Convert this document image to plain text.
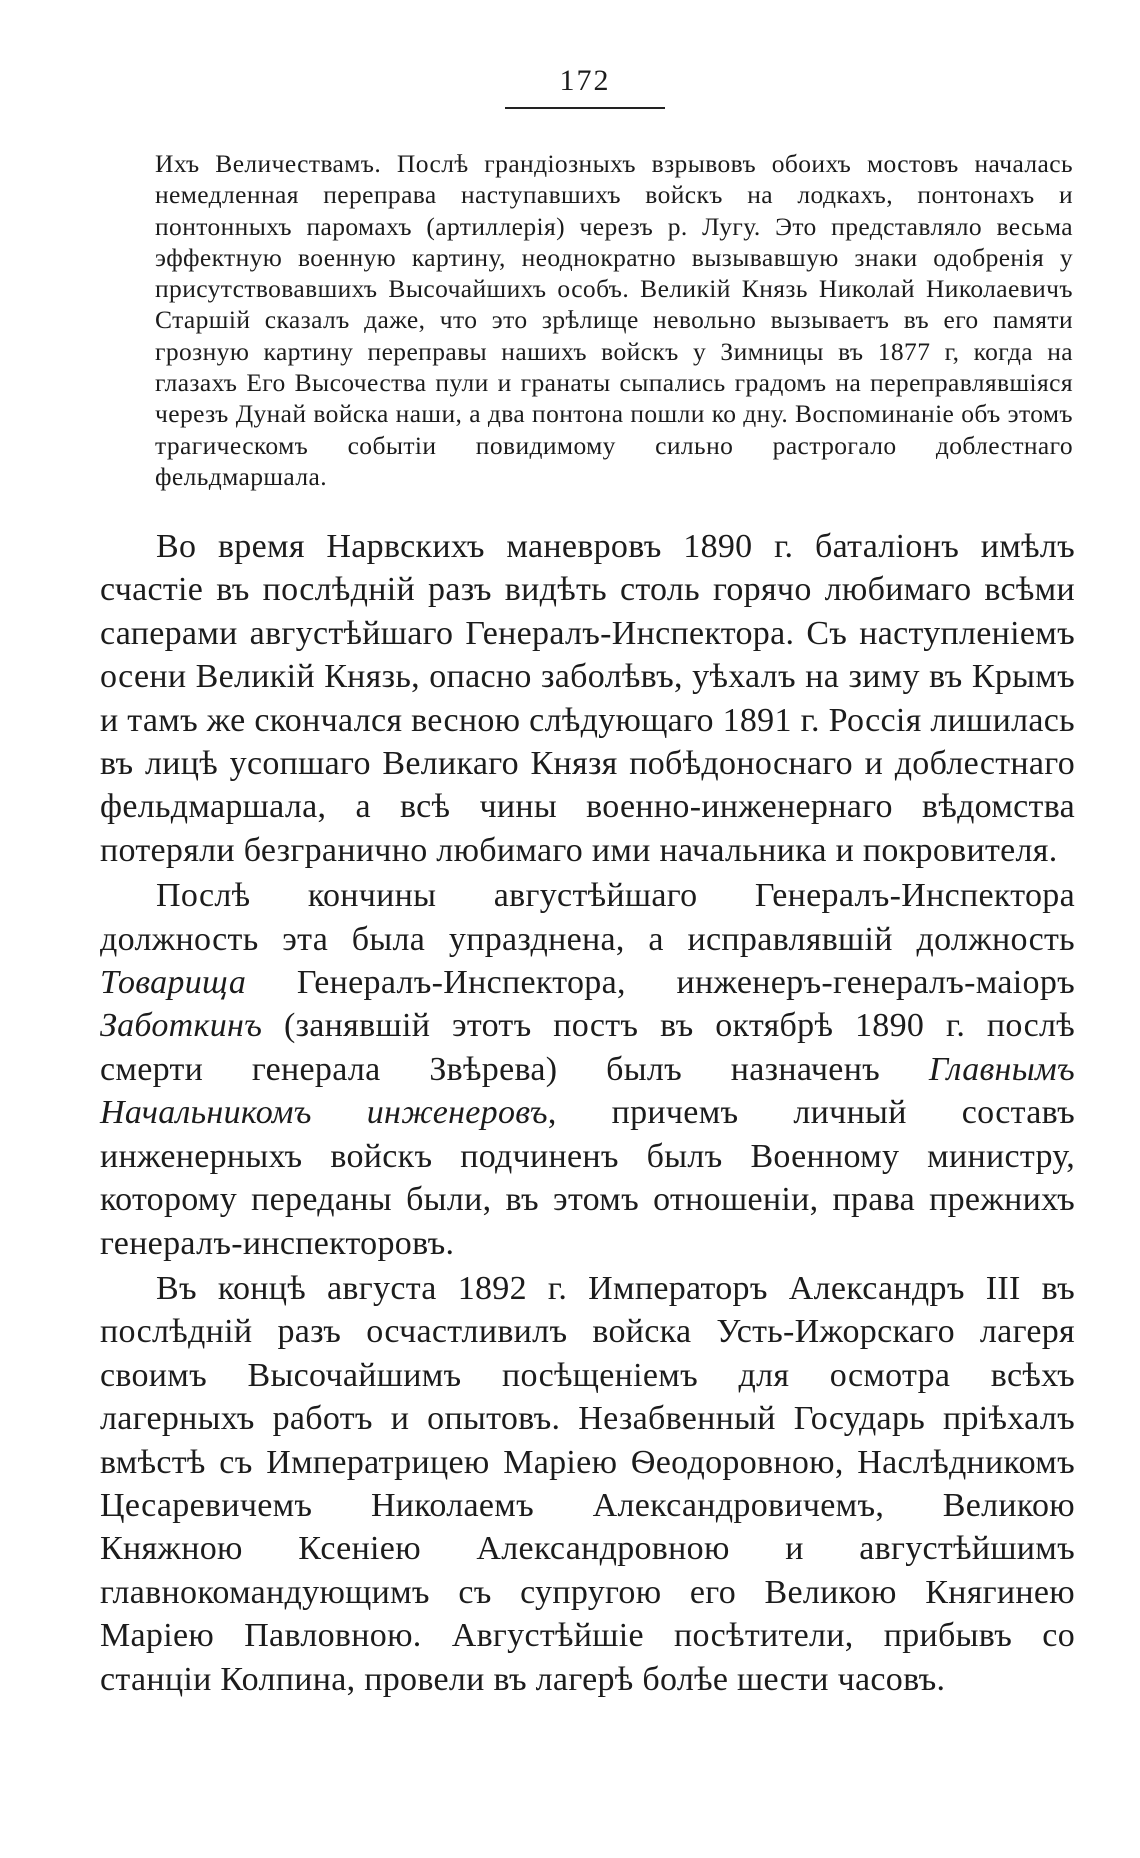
172

Ихъ Величествамъ. Послѣ грандіозныхъ взрывовъ обоихъ мостовъ началась немедленная переправа наступавшихъ войскъ на лодкахъ, понтонахъ и понтонныхъ паромахъ (артиллерія) черезъ р. Лугу. Это представляло весьма эффектную военную картину, неоднократно вызывавшую знаки одобренія у присутствовавшихъ Высочайшихъ особъ. Великій Князь Николай Николаевичъ Старшій сказалъ даже, что это зрѣлище невольно вызываетъ въ его памяти грозную картину переправы нашихъ войскъ у Зимницы въ 1877 г, когда на глазахъ Его Высочества пули и гранаты сыпались градомъ на переправлявшіяся черезъ Дунай войска наши, а два понтона пошли ко дну. Воспоминаніе объ этомъ трагическомъ событіи повидимому сильно растрогало доблестнаго фельдмаршала.

Во время Нарвскихъ маневровъ 1890 г. баталіонъ имѣлъ счастіе въ послѣдній разъ видѣть столь горячо любимаго всѣми саперами августѣйшаго Генералъ-Инспектора. Съ наступленіемъ осени Великій Князь, опасно заболѣвъ, уѣхалъ на зиму въ Крымъ и тамъ же скончался весною слѣдующаго 1891 г. Россія лишилась въ лицѣ усопшаго Великаго Князя побѣдоноснаго и доблестнаго фельдмаршала, а всѣ чины военно-инженернаго вѣдомства потеряли безгранично любимаго ими начальника и покровителя.

Послѣ кончины августѣйшаго Генералъ-Инспектора должность эта была упразднена, а исправлявшій должность Товарища Генералъ-Инспектора, инженеръ-генералъ-маіоръ Заботкинъ (занявшій этотъ постъ въ октябрѣ 1890 г. послѣ смерти генерала Звѣрева) былъ назначенъ Главнымъ Начальникомъ инженеровъ, причемъ личный составъ инженерныхъ войскъ подчиненъ былъ Военному министру, которому переданы были, въ этомъ отношеніи, права прежнихъ генералъ-инспекторовъ.

Въ концѣ августа 1892 г. Императоръ Александръ III въ послѣдній разъ осчастливилъ войска Усть-Ижорскаго лагеря своимъ Высочайшимъ посѣщеніемъ для осмотра всѣхъ лагерныхъ работъ и опытовъ. Незабвенный Государь пріѣхалъ вмѣстѣ съ Императрицею Маріею Ѳеодоровною, Наслѣдникомъ Цесаревичемъ Николаемъ Александровичемъ, Великою Княжною Ксеніею Александровною и августѣйшимъ главнокомандующимъ съ супругою его Великою Княгинею Маріею Павловною. Августѣйшіе посѣтители, прибывъ со станціи Колпина, провели въ лагерѣ болѣе шести часовъ.
